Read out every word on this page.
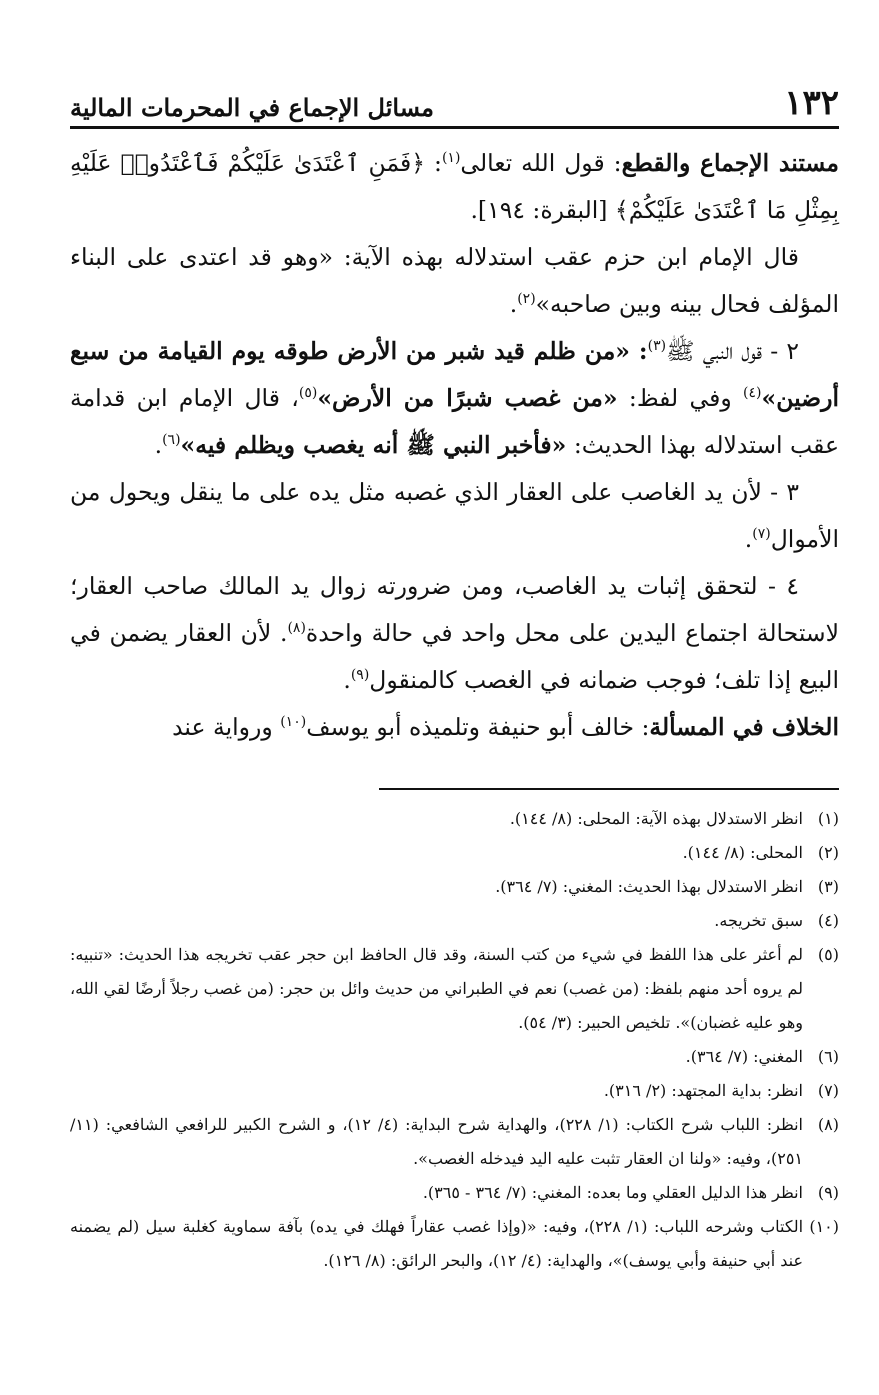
١٣٢
مسائل الإجماع في المحرمات المالية

مستند الإجماع والقطع: قول الله تعالى$^{(١)}$: ﴿فَمَنِ ٱعْتَدَىٰ عَلَيْكُمْ فَٱعْتَدُوا۟ عَلَيْهِ بِمِثْلِ مَا ٱعْتَدَىٰ عَلَيْكُمْ﴾ [البقرة: ١٩٤].

قال الإمام ابن حزم عقب استدلاله بهذه الآية: «وهو قد اعتدى على البناء المؤلف فحال بينه وبين صاحبه»$^{(٢)}$.

٢ - قول النبي ﷺ$^{(٣)}$: «من ظلم قيد شبر من الأرض طوقه يوم القيامة من سبع أرضين»$^{(٤)}$ وفي لفظ: «من غصب شبرًا من الأرض»$^{(٥)}$، قال الإمام ابن قدامة عقب استدلاله بهذا الحديث: «فأخبر النبي ﷺ أنه يغصب ويظلم فيه»$^{(٦)}$.

٣ - لأن يد الغاصب على العقار الذي غصبه مثل يده على ما ينقل ويحول من الأموال$^{(٧)}$.

٤ - لتحقق إثبات يد الغاصب، ومن ضرورته زوال يد المالك صاحب العقار؛ لاستحالة اجتماع اليدين على محل واحد في حالة واحدة$^{(٨)}$. لأن العقار يضمن في البيع إذا تلف؛ فوجب ضمانه في الغصب كالمنقول$^{(٩)}$.

الخلاف في المسألة: خالف أبو حنيفة وتلميذه أبو يوسف$^{(١٠)}$ ورواية عند

(١)
انظر الاستدلال بهذه الآية: المحلى: (٨/ ١٤٤).
(٢)
المحلى: (٨/ ١٤٤).
(٣)
انظر الاستدلال بهذا الحديث: المغني: (٧/ ٣٦٤).
(٤)
سبق تخريجه.
(٥)
لم أعثر على هذا اللفظ في شيء من كتب السنة، وقد قال الحافظ ابن حجر عقب تخريجه هذا الحديث: «تنبيه: لم يروه أحد منهم بلفظ: (من غصب) نعم في الطبراني من حديث وائل بن حجر: (من غصب رجلاً أرضًا لقي الله، وهو عليه غضبان)». تلخيص الحبير: (٣/ ٥٤).
(٦)
المغني: (٧/ ٣٦٤).
(٧)
انظر: بداية المجتهد: (٢/ ٣١٦).
(٨)
انظر: اللباب شرح الكتاب: (١/ ٢٢٨)، والهداية شرح البداية: (٤/ ١٢)، و الشرح الكبير للرافعي الشافعي: (١١/ ٢٥١)، وفيه: «ولنا ان العقار تثبت عليه اليد فيدخله الغصب».
(٩)
انظر هذا الدليل العقلي وما بعده: المغني: (٧/ ٣٦٤ - ٣٦٥).
(١٠)
الكتاب وشرحه اللباب: (١/ ٢٢٨)، وفيه: «(وإذا غصب عقاراً فهلك في يده) بآفة سماوية كغلبة سيل (لم يضمنه عند أبي حنيفة وأبي يوسف)»، والهداية: (٤/ ١٢)، والبحر الرائق: (٨/ ١٢٦).
